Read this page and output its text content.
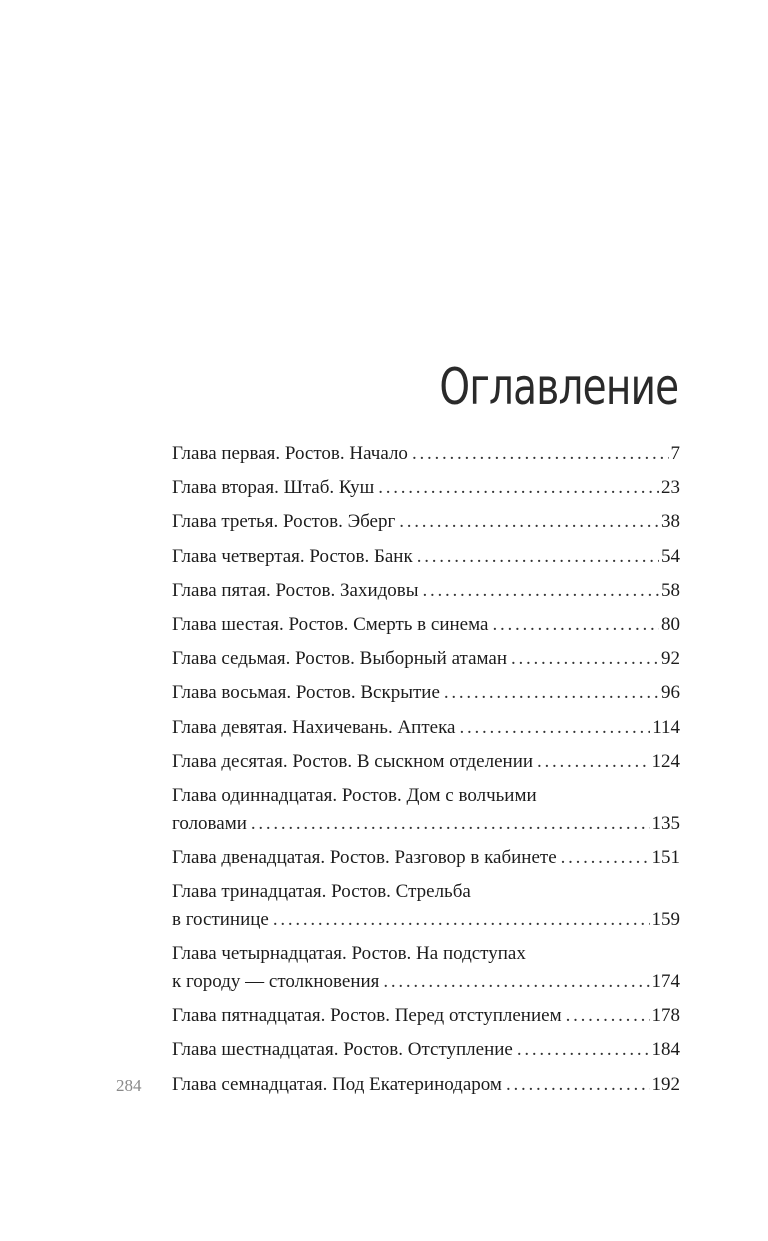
Оглавление
Глава первая. Ростов. Начало . . .	7
Глава вторая. Штаб. Куш . . .	23
Глава третья. Ростов. Эберг . . .	38
Глава четвертая. Ростов. Банк . . .	54
Глава пятая. Ростов. Захидовы . . .	58
Глава шестая. Ростов. Смерть в синема . . .	80
Глава седьмая. Ростов. Выборный атаман . . .	92
Глава восьмая. Ростов. Вскрытие . . .	96
Глава девятая. Нахичевань. Аптека . . .	114
Глава десятая. Ростов. В сыскном отделении . . .	124
Глава одиннадцатая. Ростов. Дом с волчьими
головами . . .	135
Глава двенадцатая. Ростов. Разговор в кабинете . . .	151
Глава тринадцатая. Ростов. Стрельба
в гостинице . . .	159
Глава четырнадцатая. Ростов. На подступах
к городу — столкновения . . .	174
Глава пятнадцатая. Ростов. Перед отступлением . . .	178
Глава шестнадцатая. Ростов. Отступление . . .	184
Глава семнадцатая. Под Екатеринодаром . . .	192
284
